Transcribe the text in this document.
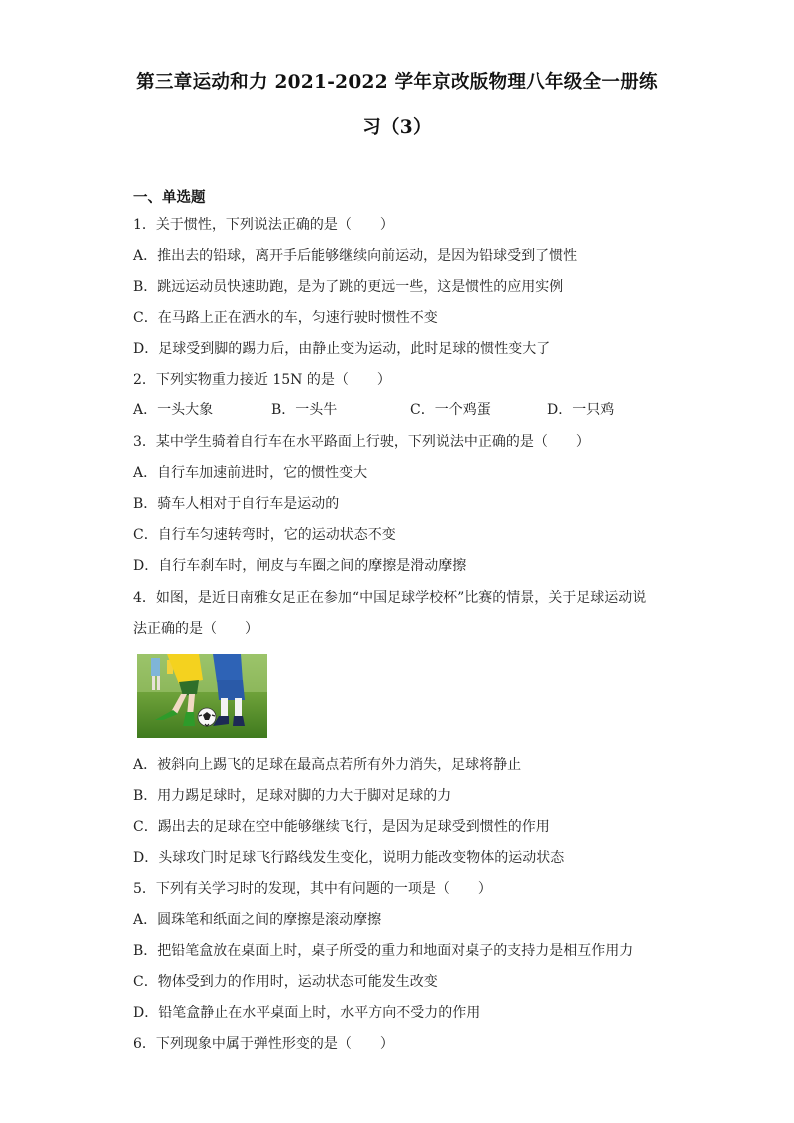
第三章运动和力 2021-2022 学年京改版物理八年级全一册练
习（3）
一、单选题
1．关于惯性，下列说法正确的是（　　）
A．推出去的铅球，离开手后能够继续向前运动，是因为铅球受到了惯性
B．跳远运动员快速助跑，是为了跳的更远一些，这是惯性的应用实例
C．在马路上正在洒水的车，匀速行驶时惯性不变
D．足球受到脚的踢力后，由静止变为运动，此时足球的惯性变大了
2．下列实物重力接近 15N 的是（　　）
A．一头大象	B．一头牛	C．一个鸡蛋	D．一只鸡
3．某中学生骑着自行车在水平路面上行驶，下列说法中正确的是（　　）
A．自行车加速前进时，它的惯性变大
B．骑车人相对于自行车是运动的
C．自行车匀速转弯时，它的运动状态不变
D．自行车刹车时，闸皮与车圈之间的摩擦是滑动摩擦
4．如图，是近日南雅女足正在参加“中国足球学校杯”比赛的情景，关于足球运动说
法正确的是（　　）
A．被斜向上踢飞的足球在最高点若所有外力消失，足球将静止
B．用力踢足球时，足球对脚的力大于脚对足球的力
C．踢出去的足球在空中能够继续飞行，是因为足球受到惯性的作用
D．头球攻门时足球飞行路线发生变化，说明力能改变物体的运动状态
5．下列有关学习时的发现，其中有问题的一项是（　　）
A．圆珠笔和纸面之间的摩擦是滚动摩擦
B．把铅笔盒放在桌面上时，桌子所受的重力和地面对桌子的支持力是相互作用力
C．物体受到力的作用时，运动状态可能发生改变
D．铅笔盒静止在水平桌面上时，水平方向不受力的作用
6．下列现象中属于弹性形变的是（　　）
